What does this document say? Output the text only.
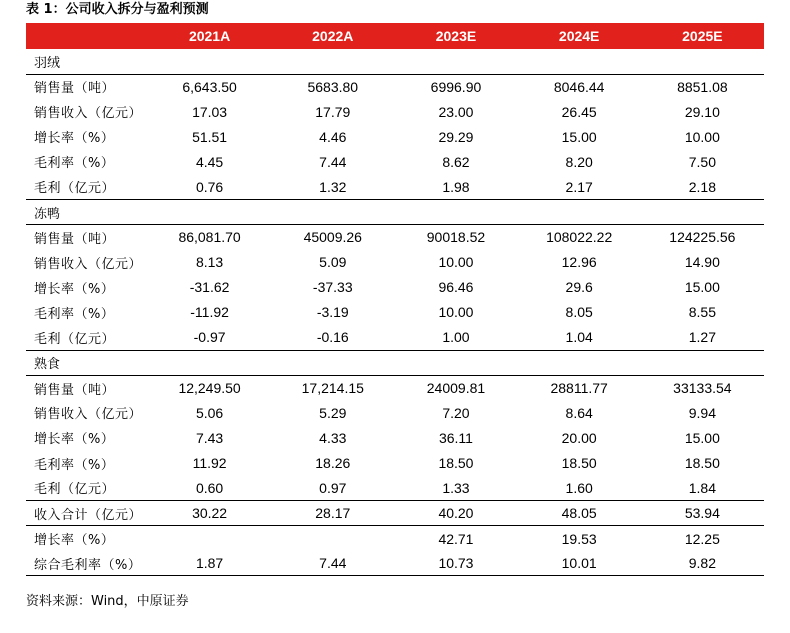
表 1：公司收入拆分与盈利预测
	2021A	2022A	2023E	2024E	2025E
羽绒					
销售量（吨）	6,643.50	5683.80	6996.90	8046.44	8851.08
销售收入（亿元）	17.03	17.79	23.00	26.45	29.10
增长率（%）	51.51	4.46	29.29	15.00	10.00
毛利率（%）	4.45	7.44	8.62	8.20	7.50
毛利（亿元）	0.76	1.32	1.98	2.17	2.18
冻鸭					
销售量（吨）	86,081.70	45009.26	90018.52	108022.22	124225.56
销售收入（亿元）	8.13	5.09	10.00	12.96	14.90
增长率（%）	-31.62	-37.33	96.46	29.6	15.00
毛利率（%）	-11.92	-3.19	10.00	8.05	8.55
毛利（亿元）	-0.97	-0.16	1.00	1.04	1.27
熟食					
销售量（吨）	12,249.50	17,214.15	24009.81	28811.77	33133.54
销售收入（亿元）	5.06	5.29	7.20	8.64	9.94
增长率（%）	7.43	4.33	36.11	20.00	15.00
毛利率（%）	11.92	18.26	18.50	18.50	18.50
毛利（亿元）	0.60	0.97	1.33	1.60	1.84
收入合计（亿元）	30.22	28.17	40.20	48.05	53.94
增长率（%）			42.71	19.53	12.25
综合毛利率（%）	1.87	7.44	10.73	10.01	9.82
资料来源：Wind，中原证券
